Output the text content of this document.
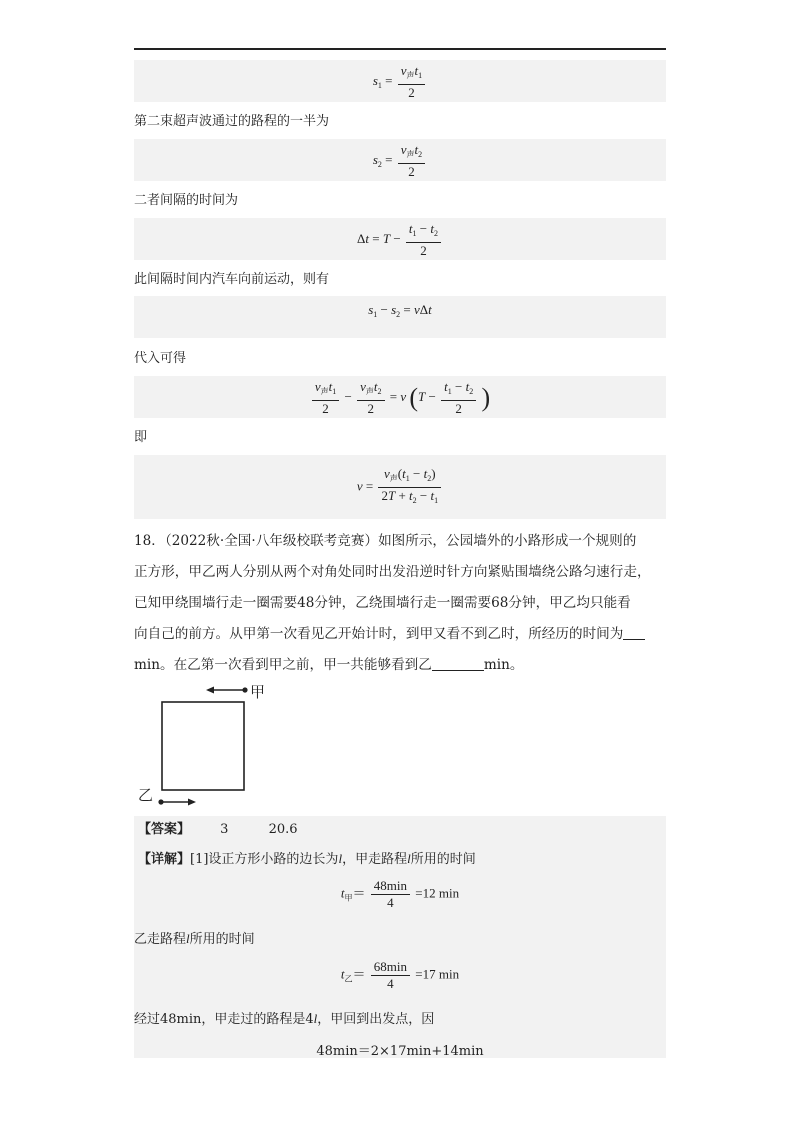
$s_1 = \frac{v_声t_1}{2}$
第二束超声波通过的路程的一半为
$s_2 = \frac{v_声t_2}{2}$
二者间隔的时间为
$\Delta t = T - \frac{t_1 - t_2}{2}$
此间隔时间内汽车向前运动，则有
$s_1 - s_2 = v\Delta t$
代入可得
$\frac{v_声t_1}{2} - \frac{v_声t_2}{2} = v$ ($T - \frac{t_1 - t_2}{2}$ )
即
$v = \frac{v_声(t_1 - t_2)}{2T + t_2 - t_1}$
18．（2022秋·全国·八年级校联考竞赛）如图所示，公园墙外的小路形成一个规则的
正方形，甲乙两人分别从两个对角处同时出发沿逆时针方向紧贴围墙绕公路匀速行走，
已知甲绕围墙行走一圈需要48分钟，乙绕围墙行走一圈需要68分钟，甲乙均只能看
向自己的前方。从甲第一次看见乙开始计时，到甲又看不到乙时，所经历的时间为
min。在乙第一次看到甲之前，甲一共能够看到乙	min。
甲
乙
【答案】 3	20.6
【详解】[1]设正方形小路的边长为l，甲走路程l所用的时间
$t_甲= \frac{48\min}{4} =12$ min
乙走路程l所用的时间
$t_乙= \frac{68\min}{4} =17$ min
经过48min，甲走过的路程是4l，甲回到出发点，因
48min＝2×17min+14min
